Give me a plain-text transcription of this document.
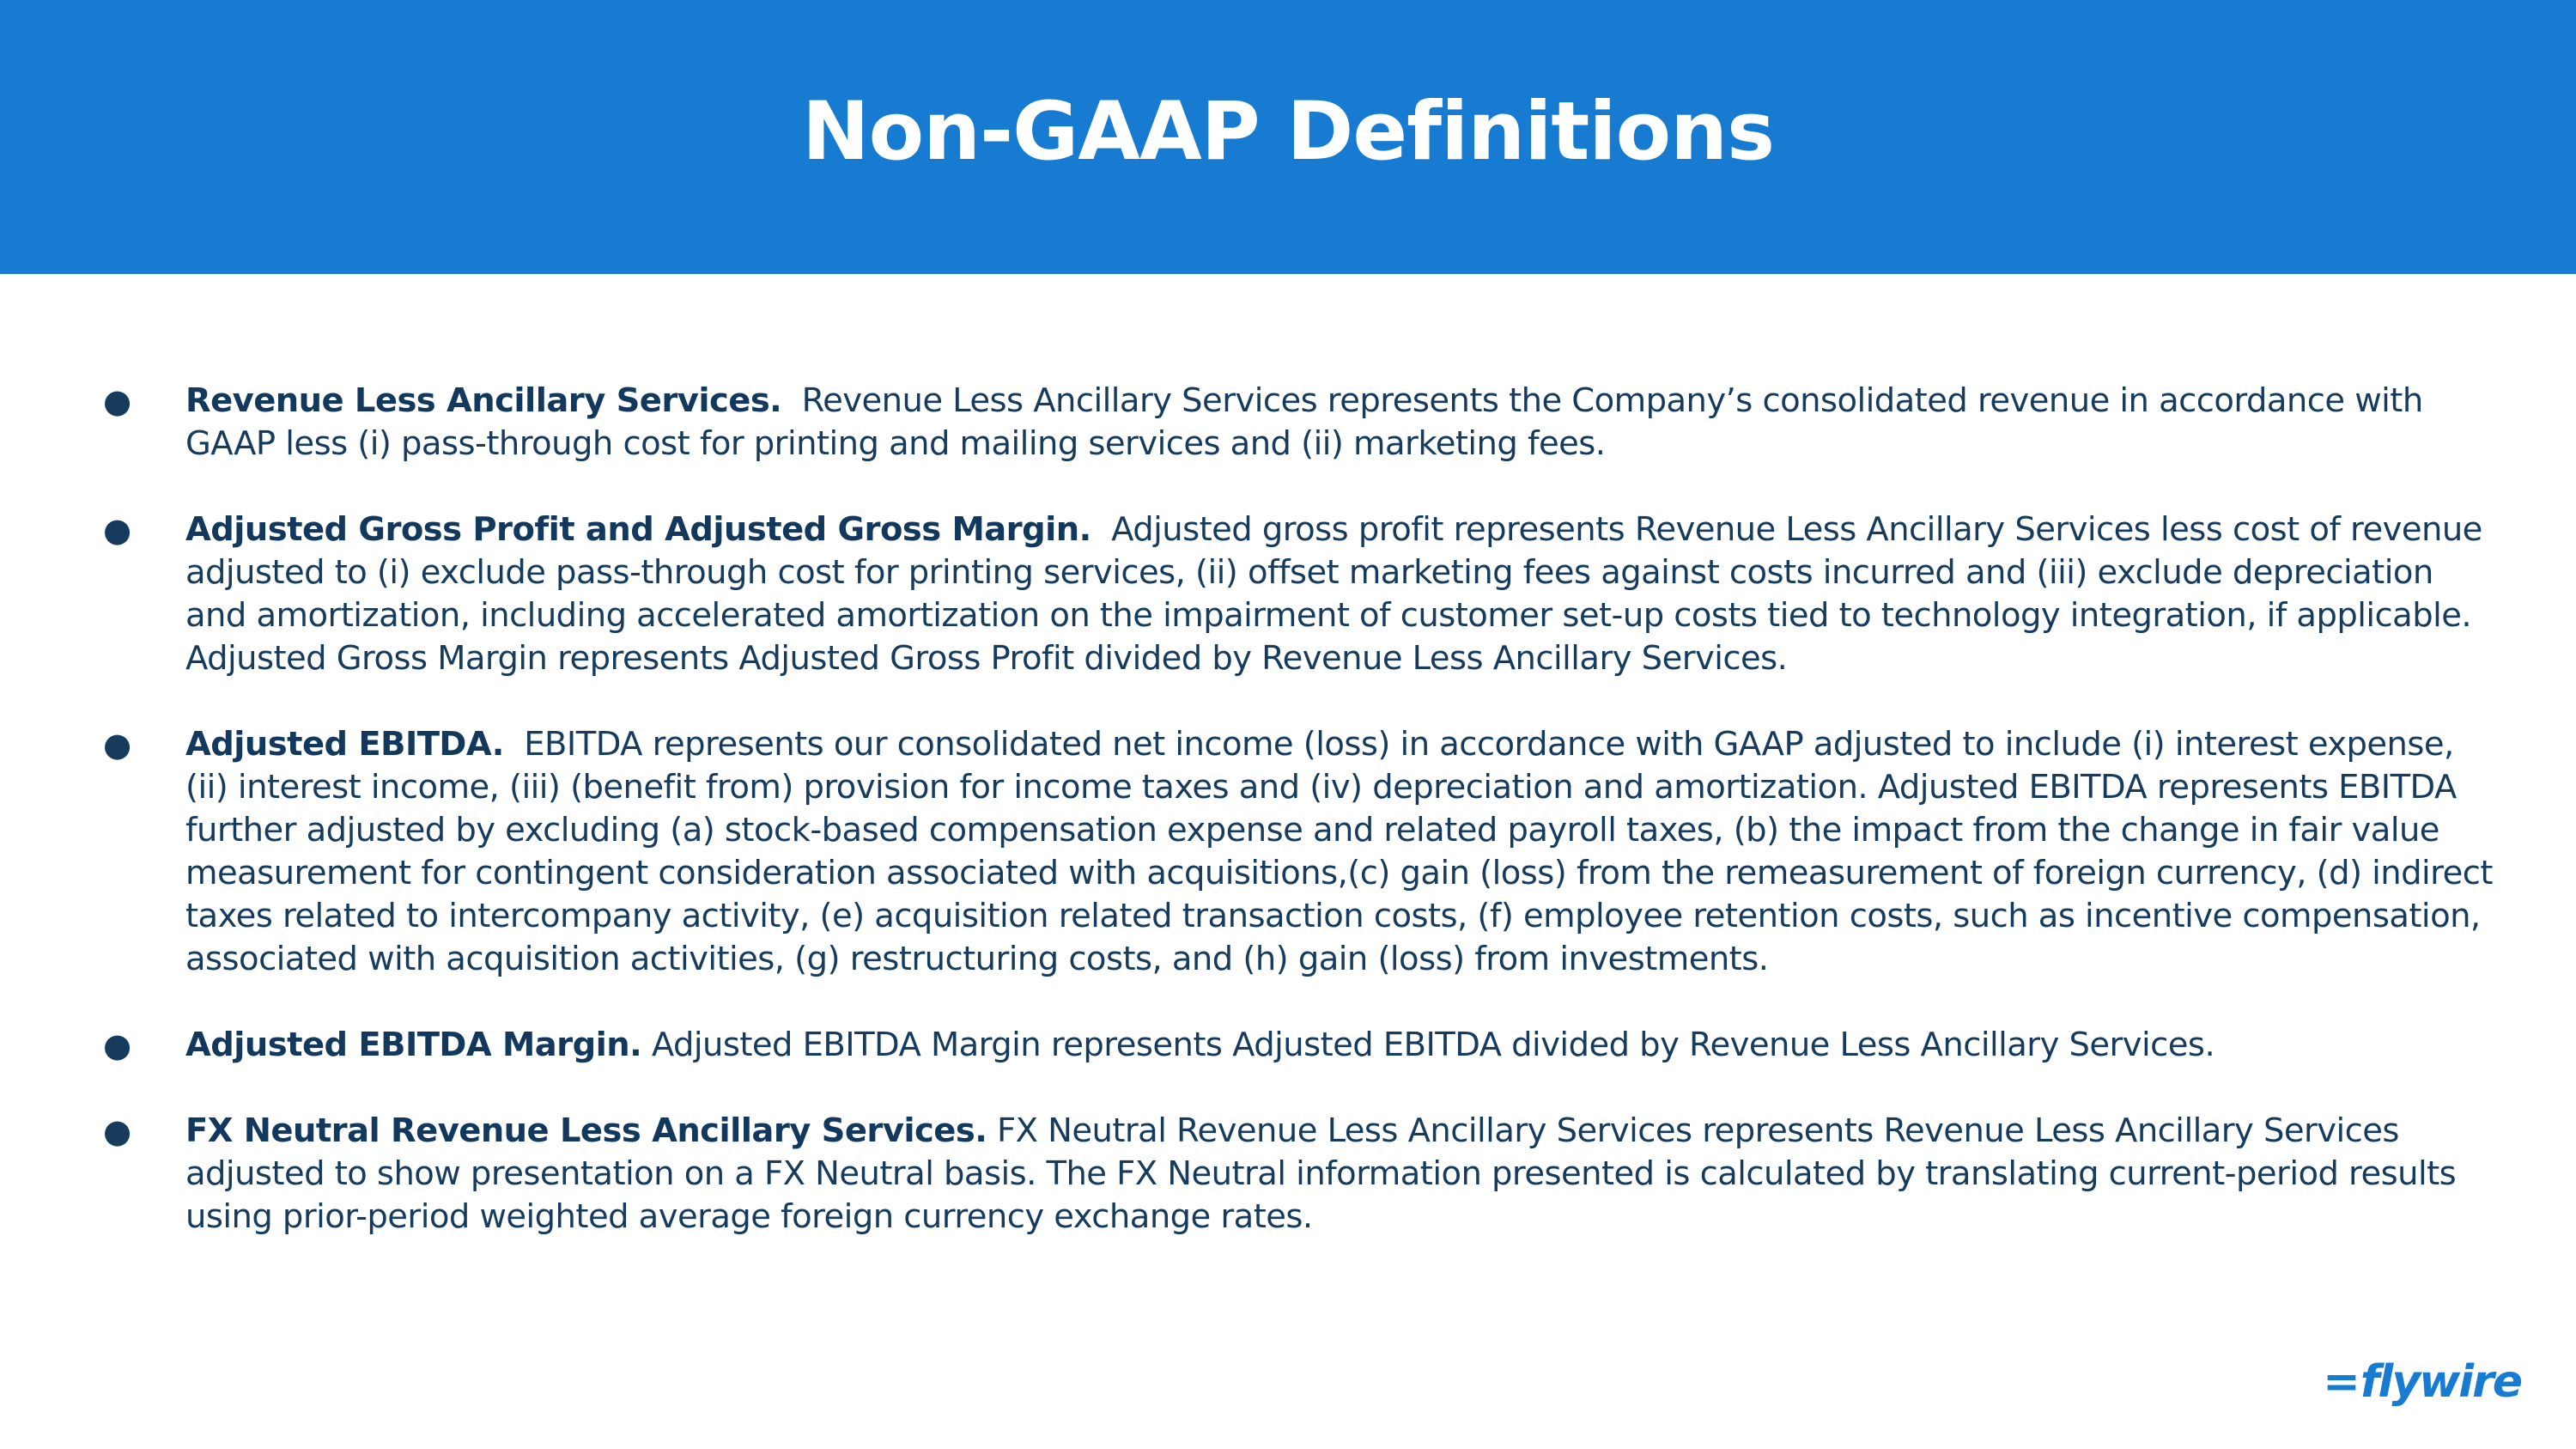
Non-GAAP Definitions
● Revenue Less Ancillary Services. Revenue Less Ancillary Services represents the Company’s consolidated revenue in accordance with GAAP less (i) pass-through cost for printing and mailing services and (ii) marketing fees.
● Adjusted Gross Profit and Adjusted Gross Margin. Adjusted gross profit represents Revenue Less Ancillary Services less cost of revenue adjusted to (i) exclude pass-through cost for printing services, (ii) offset marketing fees against costs incurred and (iii) exclude depreciation and amortization, including accelerated amortization on the impairment of customer set-up costs tied to technology integration, if applicable. Adjusted Gross Margin represents Adjusted Gross Profit divided by Revenue Less Ancillary Services.
● Adjusted EBITDA. EBITDA represents our consolidated net income (loss) in accordance with GAAP adjusted to include (i) interest expense, (ii) interest income, (iii) (benefit from) provision for income taxes and (iv) depreciation and amortization. Adjusted EBITDA represents EBITDA further adjusted by excluding (a) stock-based compensation expense and related payroll taxes, (b) the impact from the change in fair value measurement for contingent consideration associated with acquisitions,(c) gain (loss) from the remeasurement of foreign currency, (d) indirect taxes related to intercompany activity, (e) acquisition related transaction costs, (f) employee retention costs, such as incentive compensation, associated with acquisition activities, (g) restructuring costs, and (h) gain (loss) from investments.
● Adjusted EBITDA Margin. Adjusted EBITDA Margin represents Adjusted EBITDA divided by Revenue Less Ancillary Services.
● FX Neutral Revenue Less Ancillary Services. FX Neutral Revenue Less Ancillary Services represents Revenue Less Ancillary Services adjusted to show presentation on a FX Neutral basis. The FX Neutral information presented is calculated by translating current-period results using prior-period weighted average foreign currency exchange rates.
=flywire
